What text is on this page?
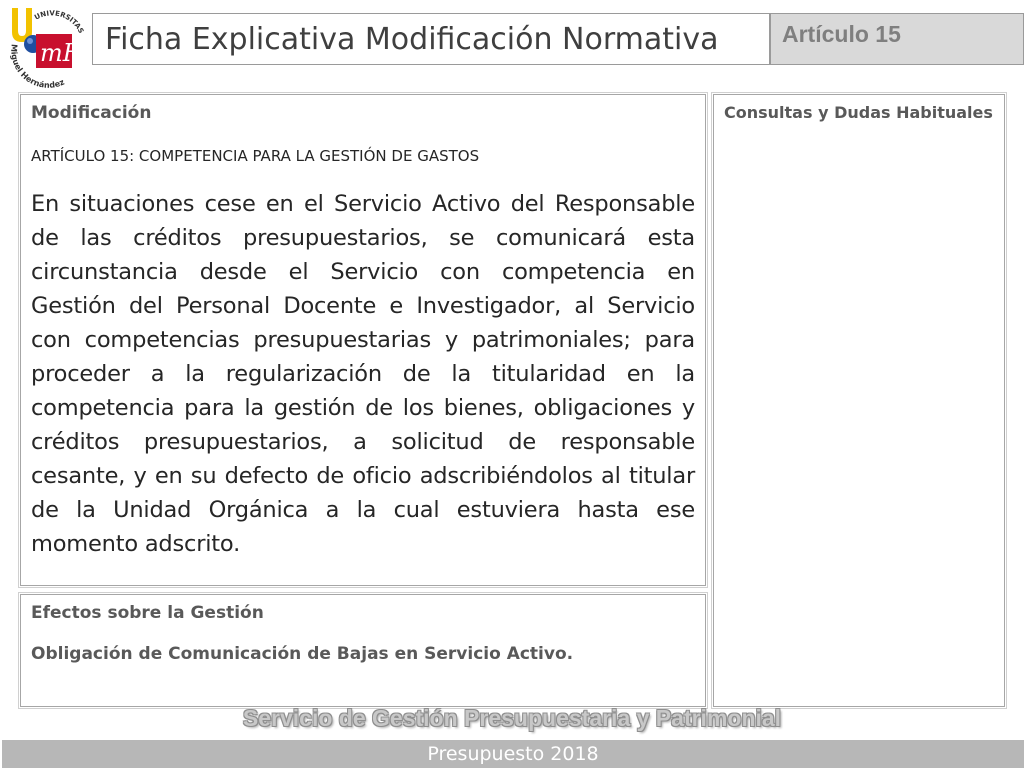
mH
UNIVERSITAS
Miguel Hernández
Ficha Explicativa Modificación Normativa	Artículo 15
Modificación
ARTÍCULO 15: COMPETENCIA PARA LA GESTIÓN DE GASTOS
En situaciones cese en el Servicio Activo del Responsable de las créditos presupuestarios, se comunicará esta circunstancia desde el Servicio con competencia en Gestión del Personal Docente e Investigador, al Servicio con competencias presupuestarias y patrimoniales; para proceder a la regularización de la titularidad en la competencia para la gestión de los bienes, obligaciones y créditos presupuestarios, a solicitud de responsable cesante, y en su defecto de oficio adscribiéndolos al titular de la Unidad Orgánica a la cual estuviera hasta ese momento adscrito.
Consultas y Dudas Habituales
Efectos sobre la Gestión
Obligación de Comunicación de Bajas en Servicio Activo.
Servicio de Gestión Presupuestaria y Patrimonial
Presupuesto 2018
